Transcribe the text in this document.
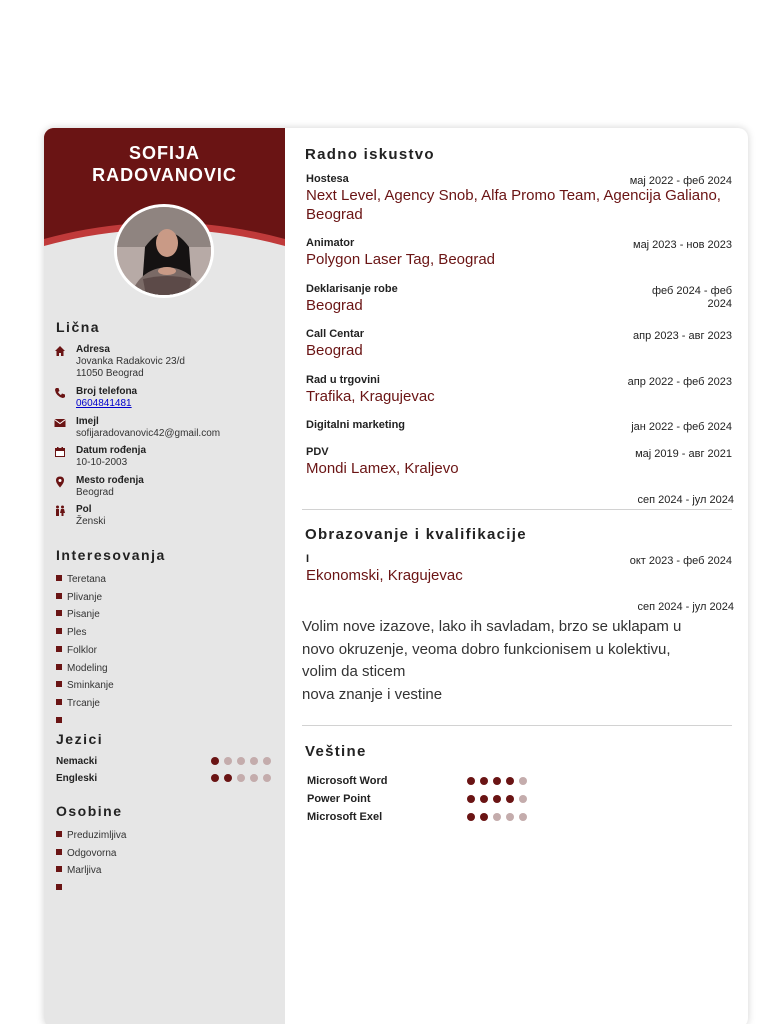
SOFIJA
RADOVANOVIC
Lična
Adresa
Jovanka Radakovic 23/d
11050 Beograd
Broj telefona
0604841481
Imejl
sofijaradovanovic42@gmail.com
Datum rođenja
10-10-2003
Mesto rođenja
Beograd
Pol
Ženski
Interesovanja
Teretana
Plivanje
Pisanje
Ples
Folklor
Modeling
Sminkanje
Trcanje
Jezici
Nemacki
Engleski
Osobine
Preduzimljiva
Odgovorna
Marljiva
Radno iskustvo
Hostesa	мај 2022 - феб 2024
Next Level, Agency Snob, Alfa Promo Team, Agencija Galiano, Beograd
Animator	мај 2023 - нов 2023
Polygon Laser Tag, Beograd
Deklarisanje robe	феб 2024 - феб 2024
Beograd
Call Centar	апр 2023 - авг 2023
Beograd
Rad u trgovini	апр 2022 - феб 2023
Trafika, Kragujevac
Digitalni marketing	јан 2022 - феб 2024
PDV	мај 2019 - авг 2021
Mondi Lamex, Kraljevo
сеп 2024 - јул 2024
Obrazovanje i kvalifikacije
I	окт 2023 - феб 2024
Ekonomski, Kragujevac
сеп 2024 - јул 2024
Volim nove izazove, lako ih savladam, brzo se uklapam u
novo okruzenje, veoma dobro funkcionisem u kolektivu,
volim da sticem
nova znanje i vestine
Veštine
Microsoft Word
Power Point
Microsoft Exel
